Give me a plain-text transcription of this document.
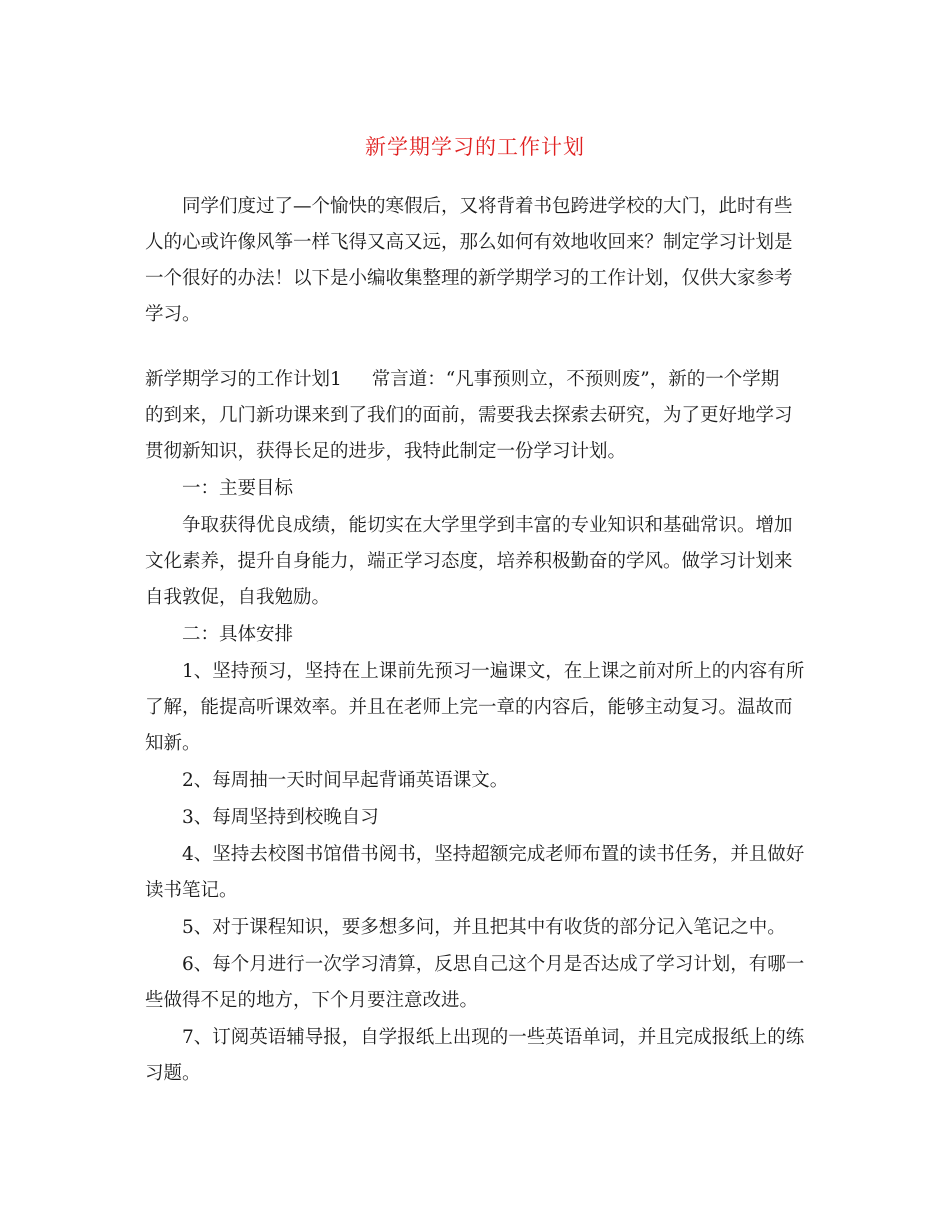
新学期学习的工作计划
同学们度过了—个愉快的寒假后，又将背着书包跨进学校的大门，此时有些
人的心或许像风筝一样飞得又高又远，那么如何有效地收回来？制定学习计划是
一个很好的办法！以下是小编收集整理的新学期学习的工作计划，仅供大家参考
学习。
新学期学习的工作计划1 常言道：“凡事预则立，不预则废”，新的一个学期
的到来，几门新功课来到了我们的面前，需要我去探索去研究，为了更好地学习
贯彻新知识，获得长足的进步，我特此制定一份学习计划。
一：主要目标
争取获得优良成绩，能切实在大学里学到丰富的专业知识和基础常识。增加
文化素养，提升自身能力，端正学习态度，培养积极勤奋的学风。做学习计划来
自我敦促，自我勉励。
二：具体安排
1、坚持预习，坚持在上课前先预习一遍课文，在上课之前对所上的内容有所
了解，能提高听课效率。并且在老师上完一章的内容后，能够主动复习。温故而
知新。
2、每周抽一天时间早起背诵英语课文。
3、每周坚持到校晚自习
4、坚持去校图书馆借书阅书，坚持超额完成老师布置的读书任务，并且做好
读书笔记。
5、对于课程知识，要多想多问，并且把其中有收货的部分记入笔记之中。
6、每个月进行一次学习清算，反思自己这个月是否达成了学习计划，有哪一
些做得不足的地方，下个月要注意改进。
7、订阅英语辅导报，自学报纸上出现的一些英语单词，并且完成报纸上的练
习题。
